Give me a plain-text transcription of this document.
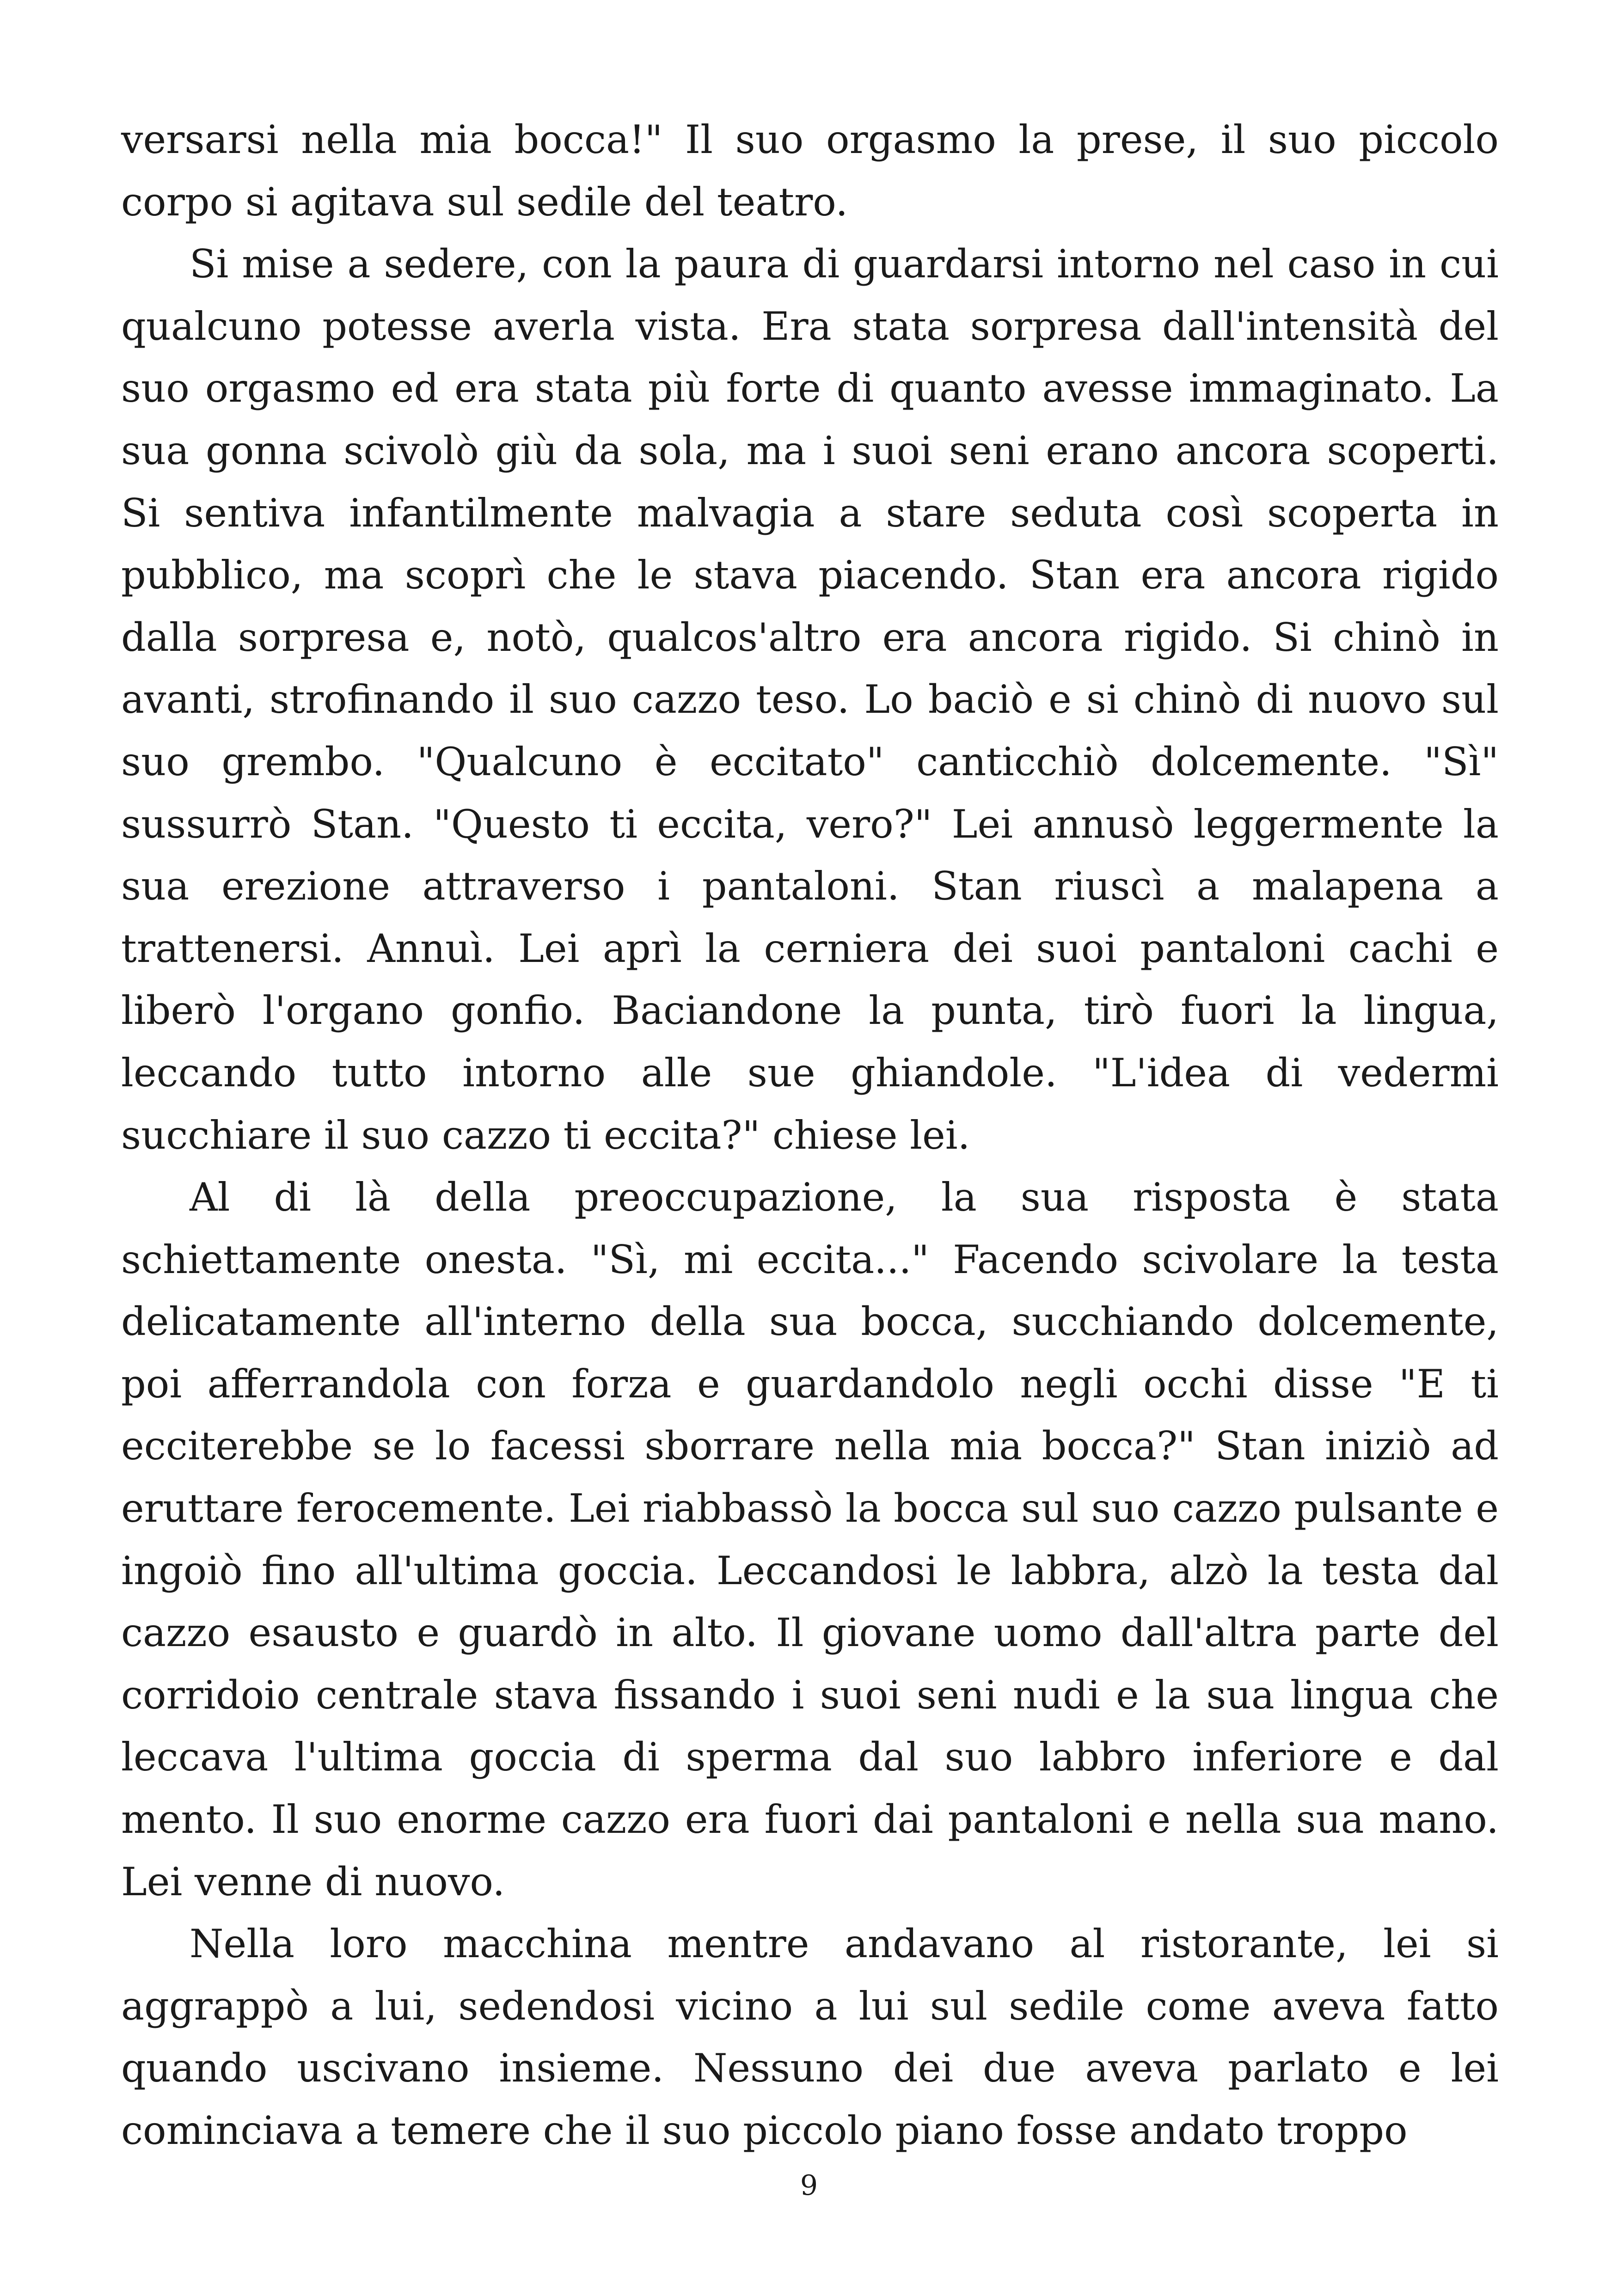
versarsi nella mia bocca!" Il suo orgasmo la prese, il suo piccolo corpo si agitava sul sedile del teatro.

Si mise a sedere, con la paura di guardarsi intorno nel caso in cui qualcuno potesse averla vista. Era stata sorpresa dall'intensità del suo orgasmo ed era stata più forte di quanto avesse immaginato. La sua gonna scivolò giù da sola, ma i suoi seni erano ancora scoperti. Si sentiva infantilmente malvagia a stare seduta così scoperta in pubblico, ma scoprì che le stava piacendo. Stan era ancora rigido dalla sorpresa e, notò, qualcos'altro era ancora rigido. Si chinò in avanti, strofinando il suo cazzo teso. Lo baciò e si chinò di nuovo sul suo grembo. "Qualcuno è eccitato" canticchiò dolcemente. "Sì" sussurrò Stan. "Questo ti eccita, vero?" Lei annusò leggermente la sua erezione attraverso i pantaloni. Stan riuscì a malapena a trattenersi. Annuì. Lei aprì la cerniera dei suoi pantaloni cachi e liberò l'organo gonfio. Baciandone la punta, tirò fuori la lingua, leccando tutto intorno alle sue ghiandole. "L'idea di vedermi succhiare il suo cazzo ti eccita?" chiese lei.

Al di là della preoccupazione, la sua risposta è stata schiettamente onesta. "Sì, mi eccita..." Facendo scivolare la testa delicatamente all'interno della sua bocca, succhiando dolcemente, poi afferrandola con forza e guardandolo negli occhi disse "E ti ecciterebbe se lo facessi sborrare nella mia bocca?" Stan iniziò ad eruttare ferocemente. Lei riabbassò la bocca sul suo cazzo pulsante e ingoiò fino all'ultima goccia. Leccandosi le labbra, alzò la testa dal cazzo esausto e guardò in alto. Il giovane uomo dall'altra parte del corridoio centrale stava fissando i suoi seni nudi e la sua lingua che leccava l'ultima goccia di sperma dal suo labbro inferiore e dal mento. Il suo enorme cazzo era fuori dai pantaloni e nella sua mano. Lei venne di nuovo.

Nella loro macchina mentre andavano al ristorante, lei si aggrappò a lui, sedendosi vicino a lui sul sedile come aveva fatto quando uscivano insieme. Nessuno dei due aveva parlato e lei cominciava a temere che il suo piccolo piano fosse andato troppo

9
